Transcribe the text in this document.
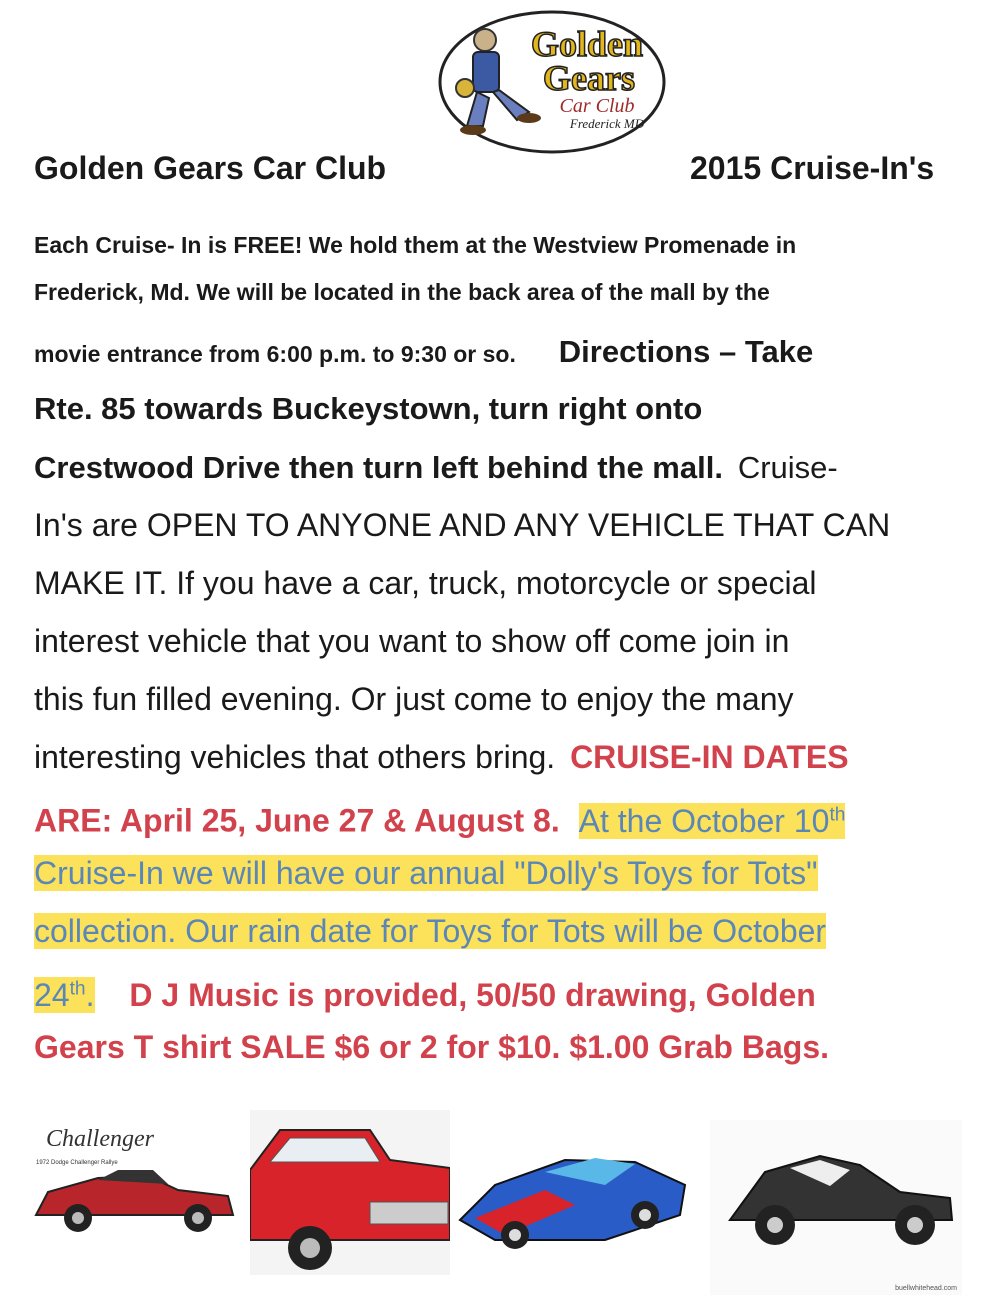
Golden
Gears
Car Club
Frederick MD
Golden Gears Car Club	2015 Cruise-In's
Each Cruise- In is FREE! We hold them at the Westview Promenade in
Frederick, Md. We will be located in the back area of the mall by the
movie entrance from 6:00 p.m. to 9:30 or so. Directions – Take
Rte. 85 towards Buckeystown, turn right onto
Crestwood Drive then turn left behind the mall. Cruise-
In's are OPEN TO ANYONE AND ANY VEHICLE THAT CAN
MAKE IT. If you have a car, truck, motorcycle or special
interest vehicle that you want to show off come join in
this fun filled evening. Or just come to enjoy the many
interesting vehicles that others bring. CRUISE-IN DATES
ARE: April 25, June 27 & August 8. At the October 10th
Cruise-In we will have our annual "Dolly's Toys for Tots"
collection. Our rain date for Toys for Tots will be October
24th. D J Music is provided, 50/50 drawing, Golden
Gears T shirt SALE $6 or 2 for $10. $1.00 Grab Bags.
Challenger
1972 Dodge Challenger Rallye
buellwhitehead.com
